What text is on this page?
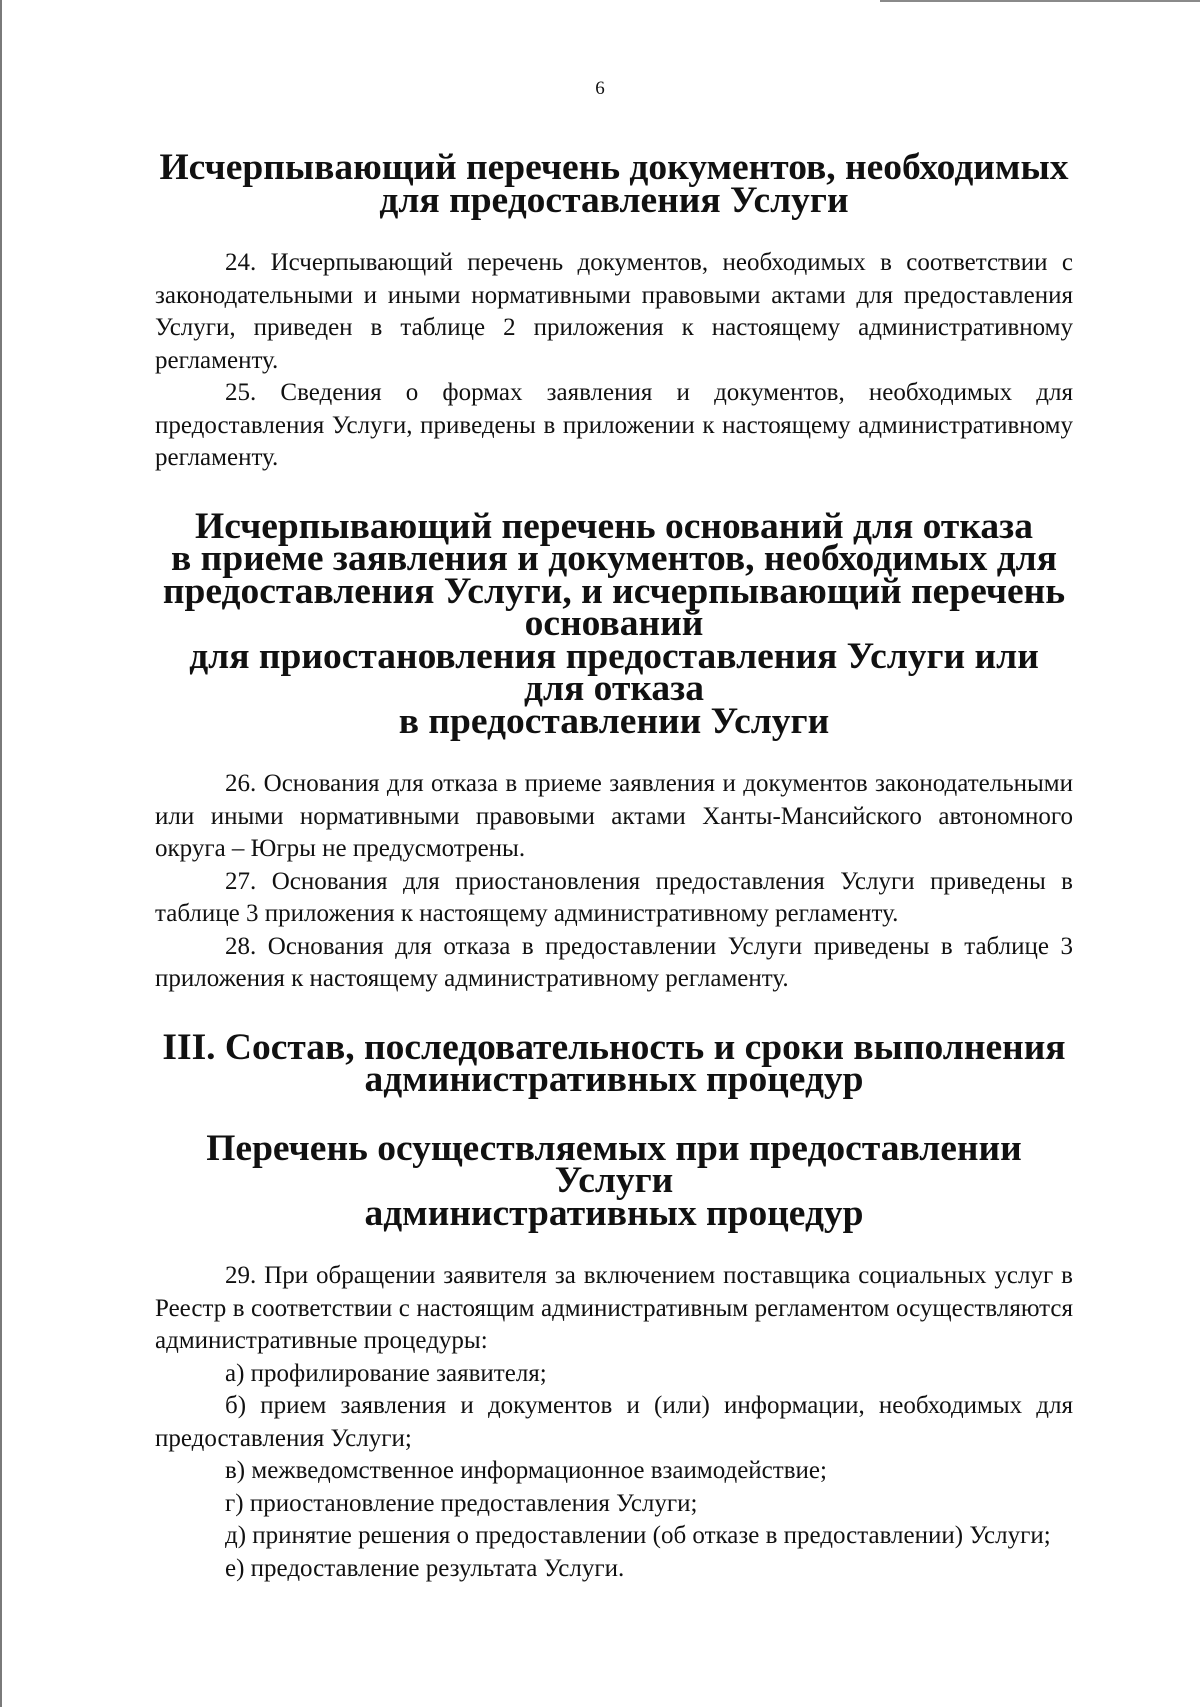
6
Исчерпывающий перечень документов, необходимых
для предоставления Услуги

24. Исчерпывающий перечень документов, необходимых в соответствии с законодательными и иными нормативными правовыми актами для предоставления Услуги, приведен в таблице 2 приложения к настоящему административному регламенту.

25. Сведения о формах заявления и документов, необходимых для предоставления Услуги, приведены в приложении к настоящему административному регламенту.

Исчерпывающий перечень оснований для отказа
в приеме заявления и документов, необходимых для
предоставления Услуги, и исчерпывающий перечень оснований
для приостановления предоставления Услуги или для отказа
в предоставлении Услуги

26. Основания для отказа в приеме заявления и документов законодательными или иными нормативными правовыми актами Ханты-Мансийского автономного округа – Югры не предусмотрены.

27. Основания для приостановления предоставления Услуги приведены в таблице 3 приложения к настоящему административному регламенту.

28. Основания для отказа в предоставлении Услуги приведены в таблице 3 приложения к настоящему административному регламенту.

III. Состав, последовательность и сроки выполнения
административных процедур
Перечень осуществляемых при предоставлении Услуги
административных процедур

29. При обращении заявителя за включением поставщика социальных услуг в Реестр в соответствии с настоящим административным регламентом осуществляются административные процедуры:

а) профилирование заявителя;

б) прием заявления и документов и (или) информации, необходимых для предоставления Услуги;

в) межведомственное информационное взаимодействие;

г) приостановление предоставления Услуги;

д) принятие решения о предоставлении (об отказе в предоставлении) Услуги;

е) предоставление результата Услуги.
